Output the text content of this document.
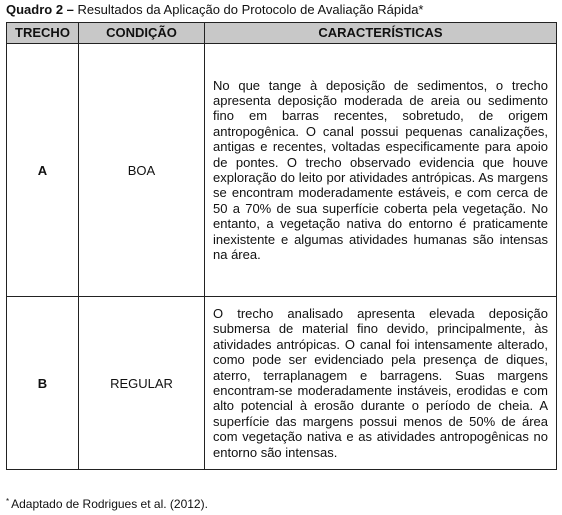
Quadro 2 – Resultados da Aplicação do Protocolo de Avaliação Rápida*
TRECHO	CONDIÇÃO	CARACTERÍSTICAS
A	BOA	No que tange à deposição de sedimentos, o trecho apresenta deposição moderada de areia ou sedimento fino em barras recentes, sobretudo, de origem antropogênica. O canal possui pequenas canalizações, antigas e recentes, voltadas especificamente para apoio de pontes. O trecho observado evidencia que houve exploração do leito por atividades antrópicas. As margens se encontram moderadamente estáveis, e com cerca de 50 a 70% de sua superfície coberta pela vegetação. No entanto, a vegetação nativa do entorno é praticamente inexistente e algumas atividades humanas são intensas na área.

B	REGULAR	O trecho analisado apresenta elevada deposição submersa de material fino devido, principalmente, às atividades antrópicas. O canal foi intensamente alterado, como pode ser evidenciado pela presença de diques, aterro, terraplanagem e barragens. Suas margens encontram-se moderadamente instáveis, erodidas e com alto potencial à erosão durante o período de cheia. A superfície das margens possui menos de 50% de área com vegetação nativa e as atividades antropogênicas no entorno são intensas.
* Adaptado de Rodrigues et al. (2012).
